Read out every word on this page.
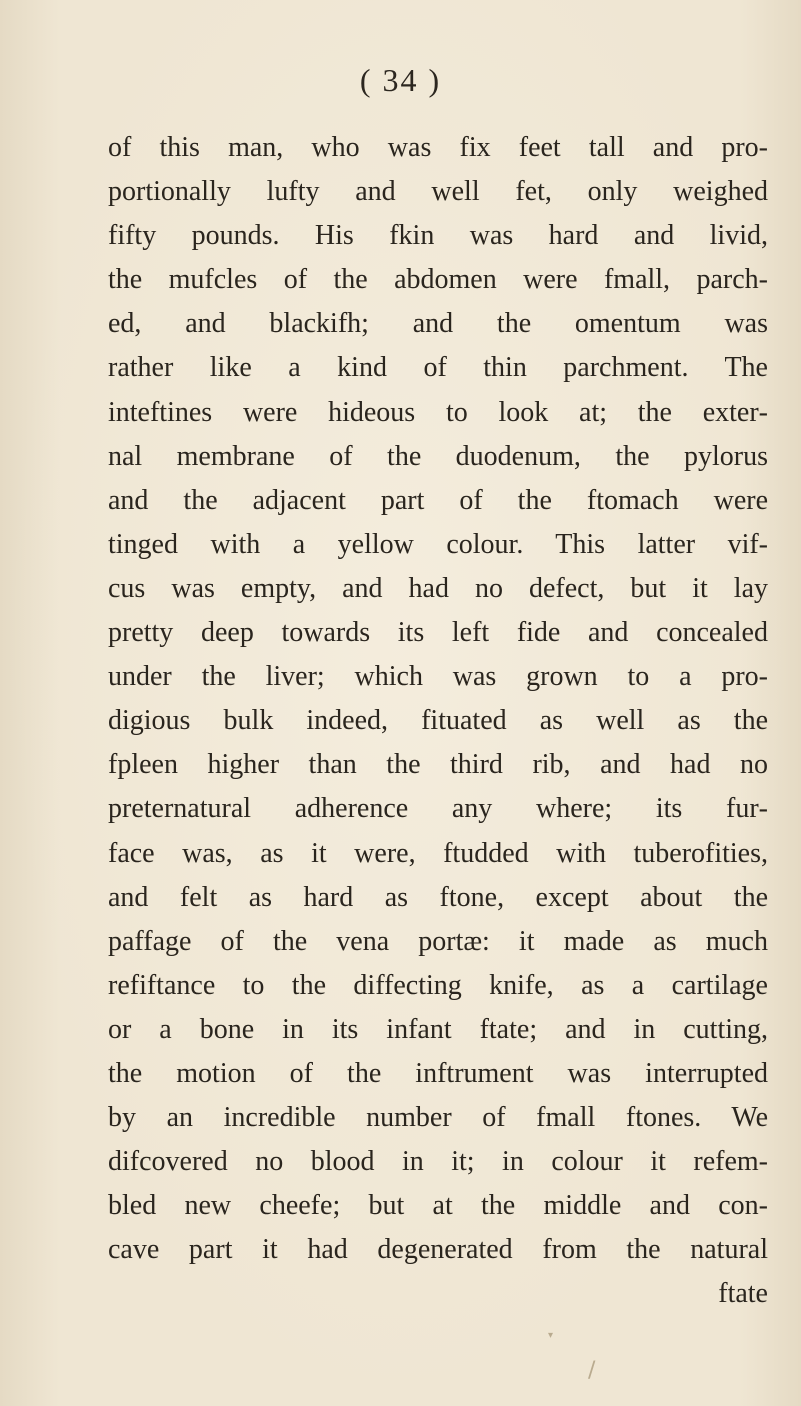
( 34 )
of this man, who was fix feet tall and pro‑
portionally lufty and well fet, only weighed
fifty pounds. His fkin was hard and livid,
the mufcles of the abdomen were fmall, parch‑
ed, and blackifh; and the omentum was
rather like a kind of thin parchment. The
inteftines were hideous to look at; the exter‑
nal membrane of the duodenum, the pylorus
and the adjacent part of the ftomach were
tinged with a yellow colour. This latter vif‑
cus was empty, and had no defect, but it lay
pretty deep towards its left fide and concealed
under the liver; which was grown to a pro‑
digious bulk indeed, fituated as well as the
fpleen higher than the third rib, and had no
preternatural adherence any where; its fur‑
face was, as it were, ftudded with tuberofities,
and felt as hard as ftone, except about the
paffage of the vena portæ: it made as much
refiftance to the diffecting knife, as a cartilage
or a bone in its infant ftate; and in cutting,
the motion of the inftrument was interrupted
by an incredible number of fmall ftones. We
difcovered no blood in it; in colour it refem‑
bled new cheefe; but at the middle and con‑
cave part it had degenerated from the natural
ftate
/
▾
